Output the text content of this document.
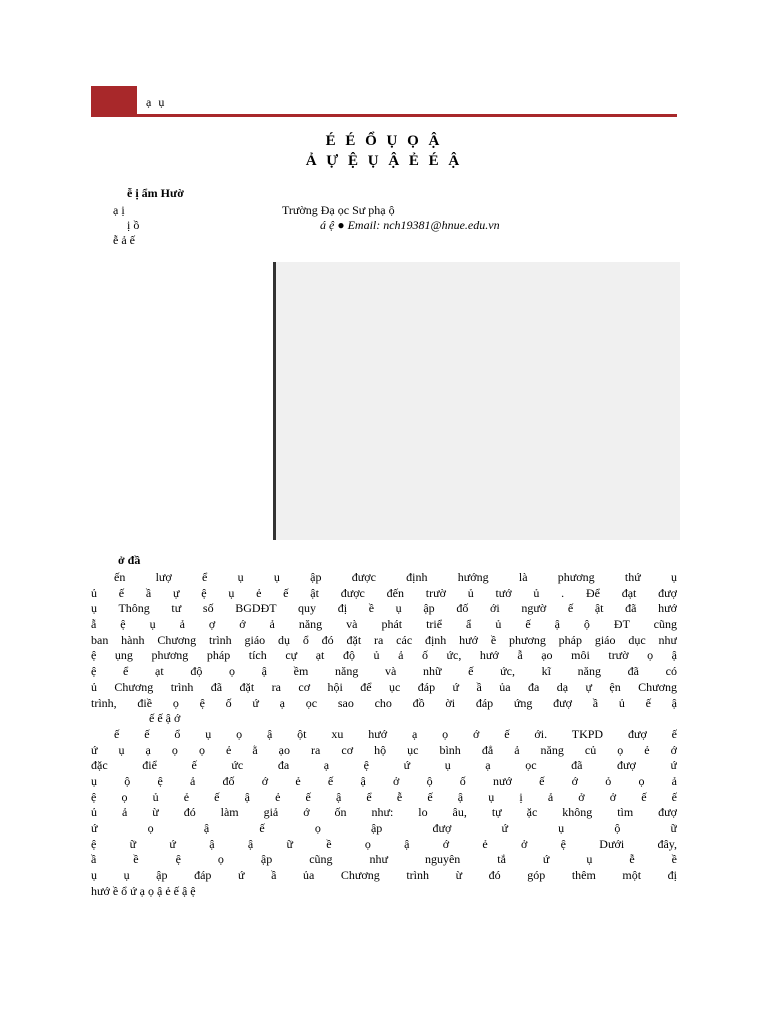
ạ ụ
É É Ổ Ụ Ọ Ậ
Ả Ự Ệ Ụ Ậ Ẻ É Ậ
ễ ị ẩm Hườ
ạ ị
ị ồ
ễ ả ế
Trường Đạ ọc Sư phạ ộ
á ệ ● Email: nch19381@hnue.edu.vn
ở đầ
ến lượ ể ụ ụ ập được định hướng là phương thứ ụ
ủ ế ầ ự ệ ụ ẻ ế ật được đến trườ ủ tướ ủ . Để đạt đượ
ụ Thông tư số BGDĐT quy đị ề ụ ập đố ới ngườ ế ật đã hướ
ẫ ệ ụ ả ợ ớ ả năng và phát triể ẩ ủ ế ậ ộ ĐT cũng
ban hành Chương trình giáo dụ ổ đó đặt ra các định hướ ề phương pháp giáo dục như
ệ ụng phương pháp tích cự ạt độ ủ ả ố ức, hướ ẫ ạo môi trườ ọ ậ
ệ ể ạt độ ọ ậ ềm năng và nhữ ế ức, kĩ năng đã có
ủ Chương trình đã đặt ra cơ hội để ục đáp ứ ầ ủa đa dạ ự ện Chương
trình, điề ọ ệ ố ứ ạ ọc sao cho đồ ời đáp ứng đượ ầ ủ ế ậ
ế ế ậ ớ
ế ế ổ ụ ọ ậ ột xu hướ ạ ọ ớ ế ới. TKPD đượ ế
ứ ụ ạ ọ ọ ẻ ằ ạo ra cơ hộ ục bình đẳ ả năng củ ọ ẻ ớ
đặc điể ế ức đa ạ ệ ứ ụ ạ ọc đã đượ ứ
ụ ộ ệ ả đố ớ ẻ ế ậ ở ộ ố nướ ế ớ ỏ ọ ả
ệ ọ ủ ẻ ế ậ ẻ ế ậ ể ễ ế ậ ụ ị ả ở ở ế ế
ủ ả ừ đó làm giả ớ ốn như: lo âu, tự ặc không tìm đượ
ứ ọ ậ ế ọ ập đượ ứ ụ ộ ữ
ệ ữ ứ ậ ậ ữ ề ọ ậ ớ ẻ ở ệ Dưới đây,
ầ ề ệ ọ ập cũng như nguyên tắ ứ ụ ễ ề
ụ ụ ập đáp ứ ầ ủa Chương trình ừ đó góp thêm một đị
hướ ề ổ ứ ạ ọ ậ ẻ ế ậ ệ
